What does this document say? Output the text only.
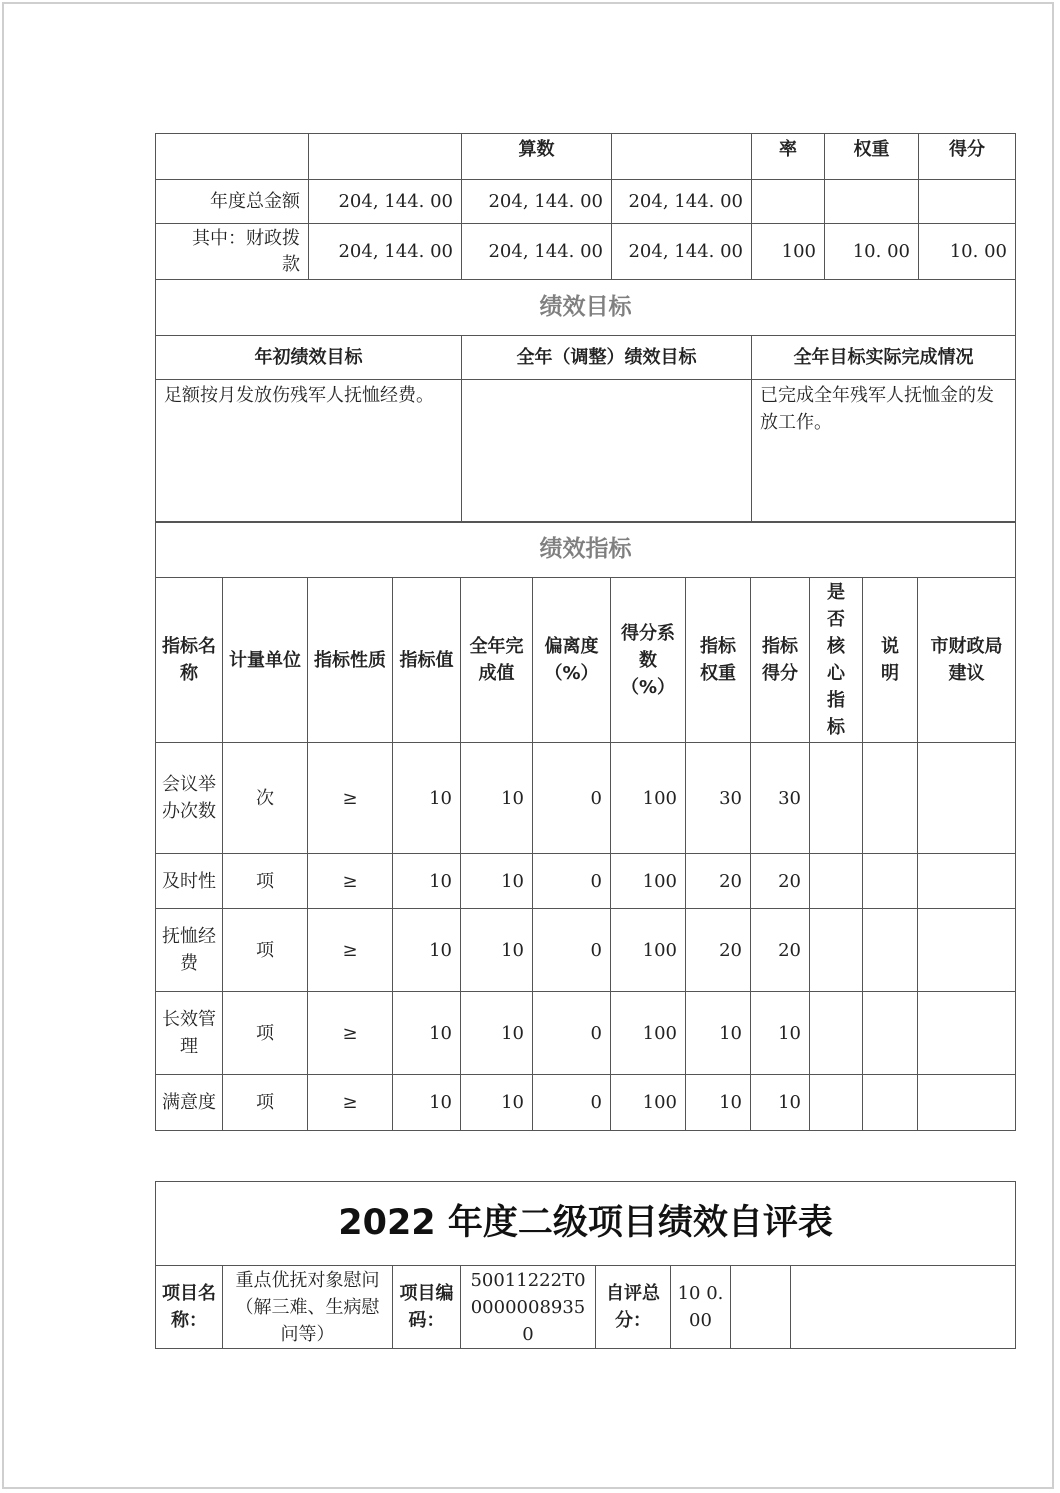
		算数		率	权重	得分
年度总金额	204, 144. 00	204, 144. 00	204, 144. 00			
其中：财政拨款	204, 144. 00	204, 144. 00	204, 144. 00	100	10. 00	10. 00
绩效目标		
年初绩效目标	全年（调整）绩效目标	全年目标实际完成情况
足额按月发放伤残军人抚恤经费。		已完成全年残军人抚恤金的发放工作。
绩效指标											
指标名称	计量单位	指标性质	指标值	全年完成值	偏离度（%）	得分系数（%）	指标权重	指标得分	是否核心指标	说明	市财政局建议
会议举办次数	次	≥	10	10	0	100	30	30			
及时性	项	≥	10	10	0	100	20	20			
抚恤经费	项	≥	10	10	0	100	20	20			
长效管理	项	≥	10	10	0	100	10	10			
满意度	项	≥	10	10	0	100	10	10			
2022 年度二级项目绩效自评表
项目名称：	重点优抚对象慰问（解三难、生病慰问等）	项目编码：	50011222T000000089350	自评总分：	10 0. 00		
